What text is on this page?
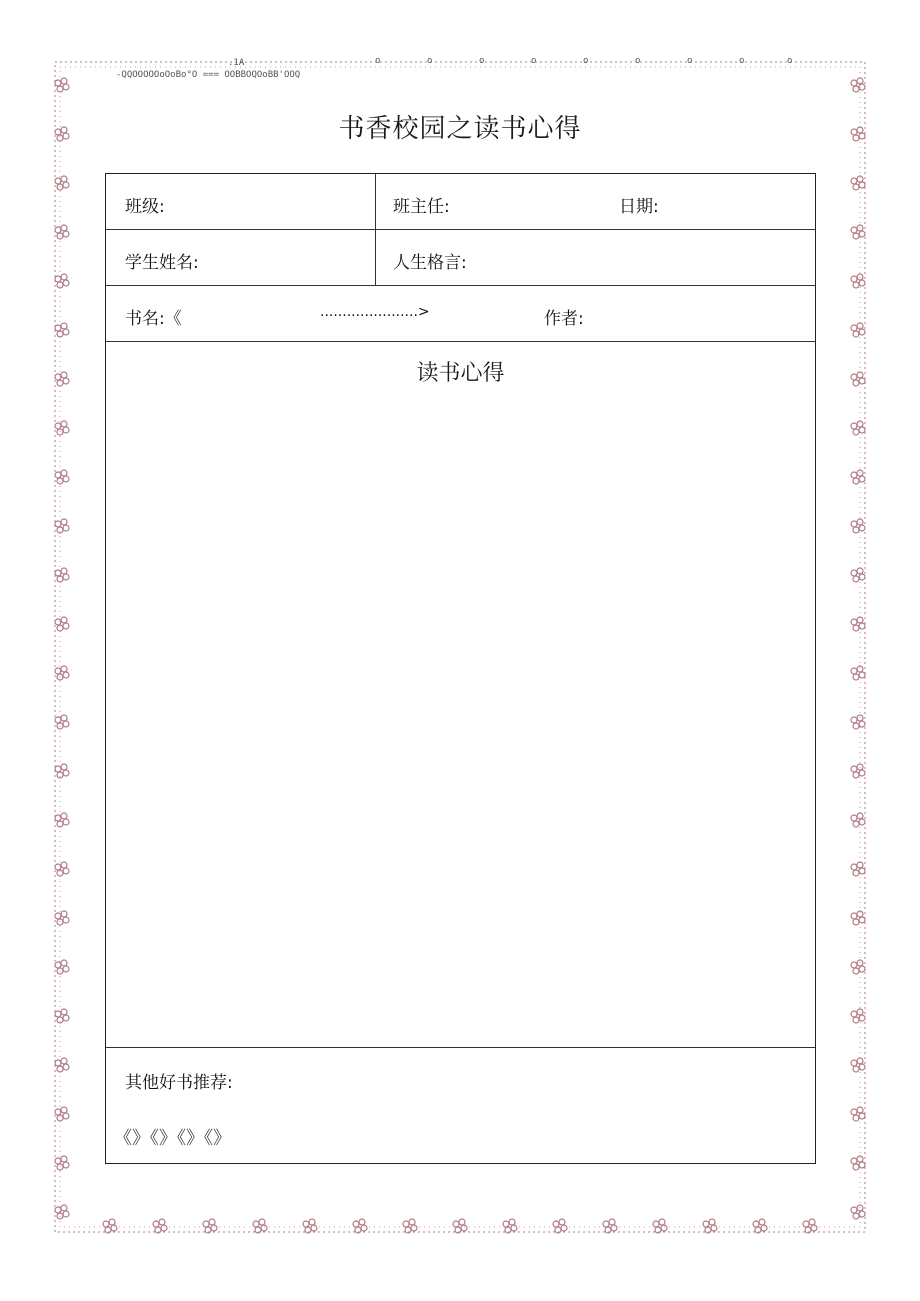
.1A
-QQOOOOOoOoBo°O === OOBBOQOoBB'OOQ
o	o	o	o	o	o	o	o	o
书香校园之读书心得
班级:	班主任:	日期:
学生姓名:	人生格言:
书名:《	......................>	作者:
读书心得
其他好书推荐:
《》《》《》《》
